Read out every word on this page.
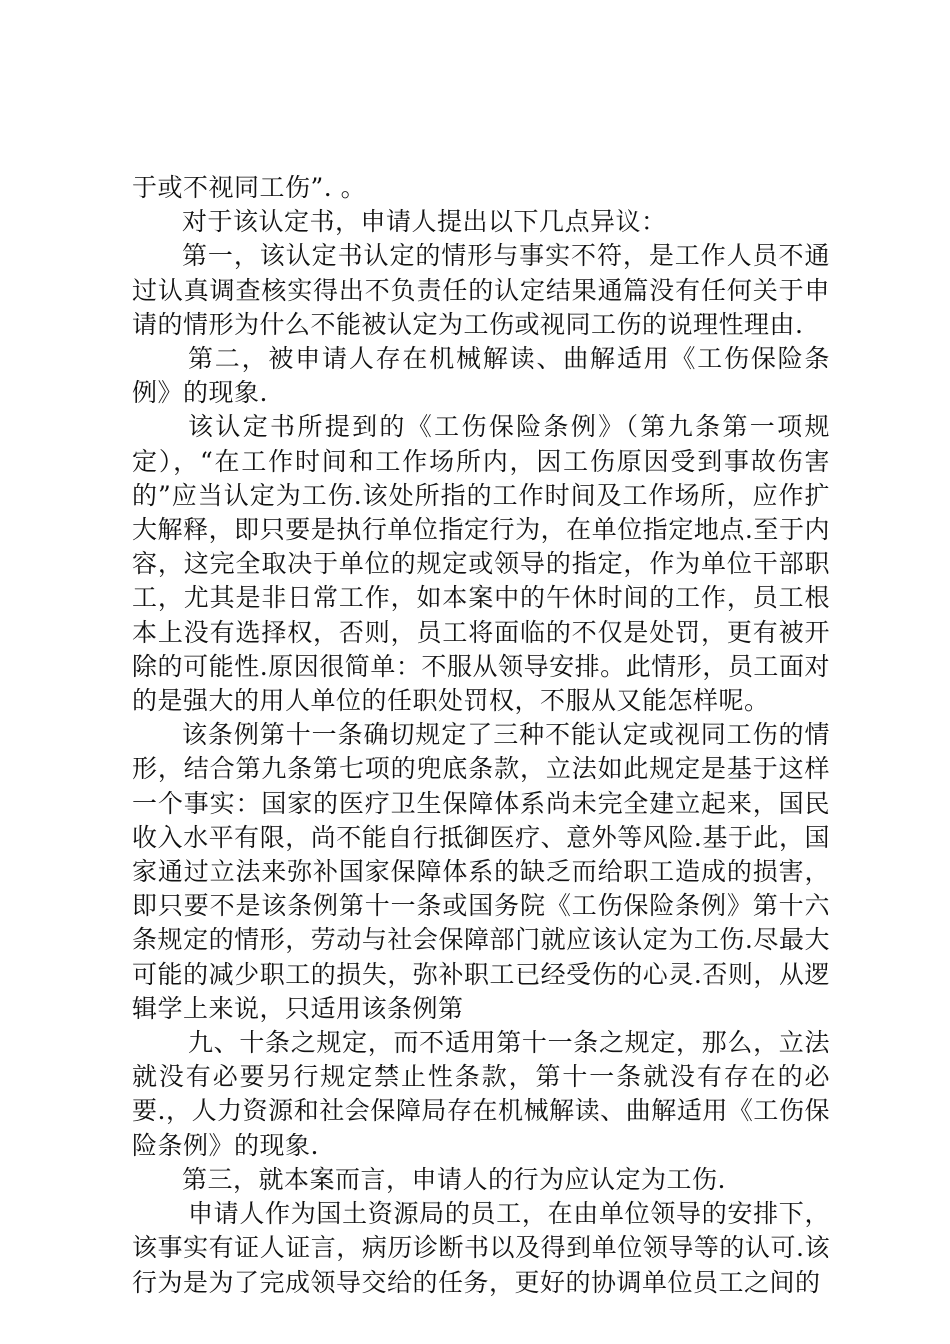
于或不视同工伤”. 。

对于该认定书，申请人提出以下几点异议：

第一，该认定书认定的情形与事实不符，是工作人员不通过认真调查核实得出不负责任的认定结果通篇没有任何关于申请的情形为什么不能被认定为工伤或视同工伤的说理性理由.

第二，被申请人存在机械解读、曲解适用《工伤保险条例》的现象.

该认定书所提到的《工伤保险条例》（第九条第一项规定），“在工作时间和工作场所内，因工伤原因受到事故伤害的”应当认定为工伤.该处所指的工作时间及工作场所，应作扩大解释，即只要是执行单位指定行为，在单位指定地点.至于内容，这完全取决于单位的规定或领导的指定，作为单位干部职工，尤其是非日常工作，如本案中的午休时间的工作，员工根本上没有选择权，否则，员工将面临的不仅是处罚，更有被开除的可能性.原因很简单：不服从领导安排。此情形，员工面对的是强大的用人单位的任职处罚权，不服从又能怎样呢。

该条例第十一条确切规定了三种不能认定或视同工伤的情形，结合第九条第七项的兜底条款，立法如此规定是基于这样一个事实：国家的医疗卫生保障体系尚未完全建立起来，国民收入水平有限，尚不能自行抵御医疗、意外等风险.基于此，国家通过立法来弥补国家保障体系的缺乏而给职工造成的损害，即只要不是该条例第十一条或国务院《工伤保险条例》第十六条规定的情形，劳动与社会保障部门就应该认定为工伤.尽最大可能的减少职工的损失，弥补职工已经受伤的心灵.否则，从逻辑学上来说，只适用该条例第

九、十条之规定，而不适用第十一条之规定，那么，立法就没有必要另行规定禁止性条款，第十一条就没有存在的必要.，人力资源和社会保障局存在机械解读、曲解适用《工伤保险条例》的现象.

第三，就本案而言，申请人的行为应认定为工伤.

申请人作为国土资源局的员工，在由单位领导的安排下，该事实有证人证言，病历诊断书以及得到单位领导等的认可.该行为是为了完成领导交给的任务，更好的协调单位员工之间的
